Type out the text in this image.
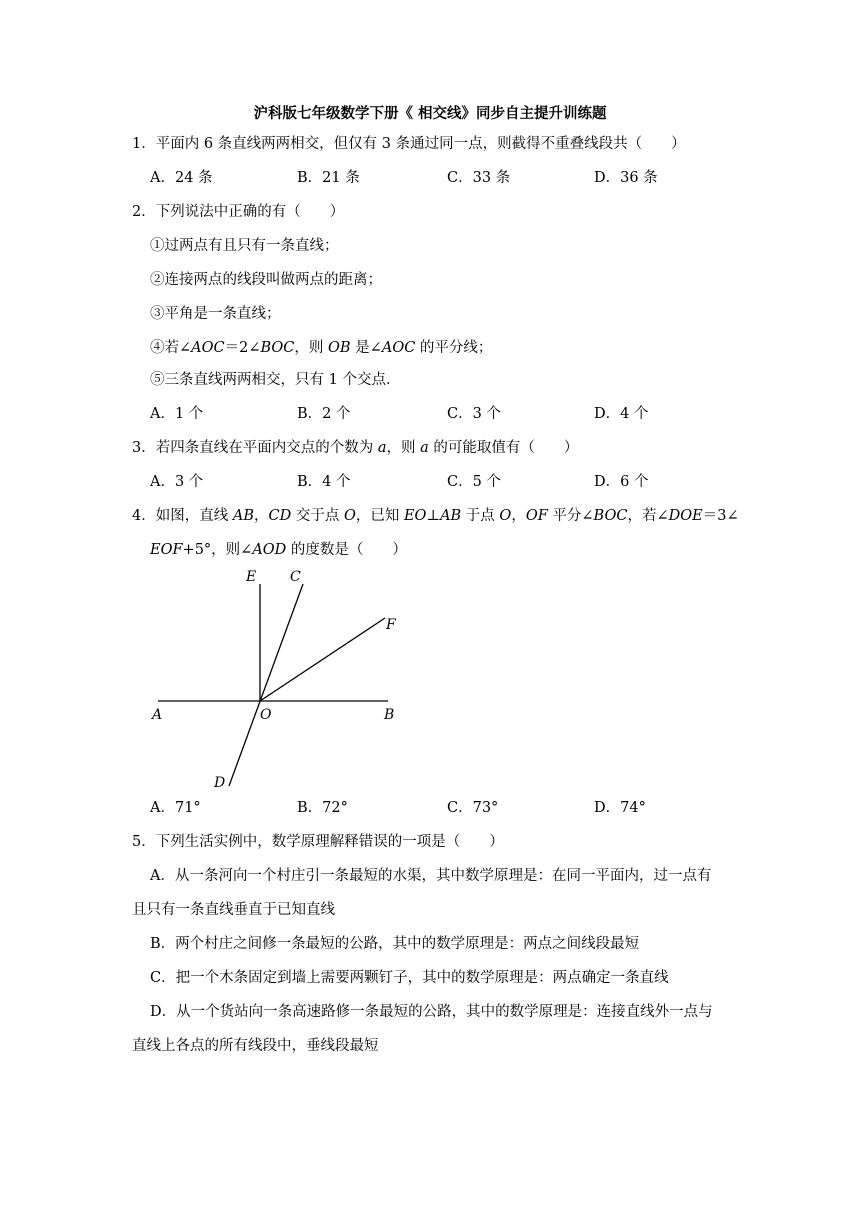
沪科版七年级数学下册《 相交线》同步自主提升训练题
1．平面内 6 条直线两两相交，但仅有 3 条通过同一点，则截得不重叠线段共（　　）
A．24 条	B．21 条	C．33 条	D．36 条
2．下列说法中正确的有（　　）
①过两点有且只有一条直线；
②连接两点的线段叫做两点的距离；
③平角是一条直线；
④若∠AOC＝2∠BOC，则 OB 是∠AOC 的平分线；
⑤三条直线两两相交，只有 1 个交点．
A．1 个	B．2 个	C．3 个	D．4 个
3．若四条直线在平面内交点的个数为 a，则 a 的可能取值有（　　）
A．3 个	B．4 个	C．5 个	D．6 个
4．如图，直线 AB，CD 交于点 O，已知 EO⊥AB 于点 O，OF 平分∠BOC，若∠DOE＝3∠
EOF+5°，则∠AOD 的度数是（　　）
E C
F
A	O	B
D
A．71°	B．72°	C．73°	D．74°
5．下列生活实例中，数学原理解释错误的一项是（　　）
A．从一条河向一个村庄引一条最短的水渠，其中数学原理是：在同一平面内，过一点有
且只有一条直线垂直于已知直线
B．两个村庄之间修一条最短的公路，其中的数学原理是：两点之间线段最短
C．把一个木条固定到墙上需要两颗钉子，其中的数学原理是：两点确定一条直线
D．从一个货站向一条高速路修一条最短的公路，其中的数学原理是：连接直线外一点与
直线上各点的所有线段中，垂线段最短
